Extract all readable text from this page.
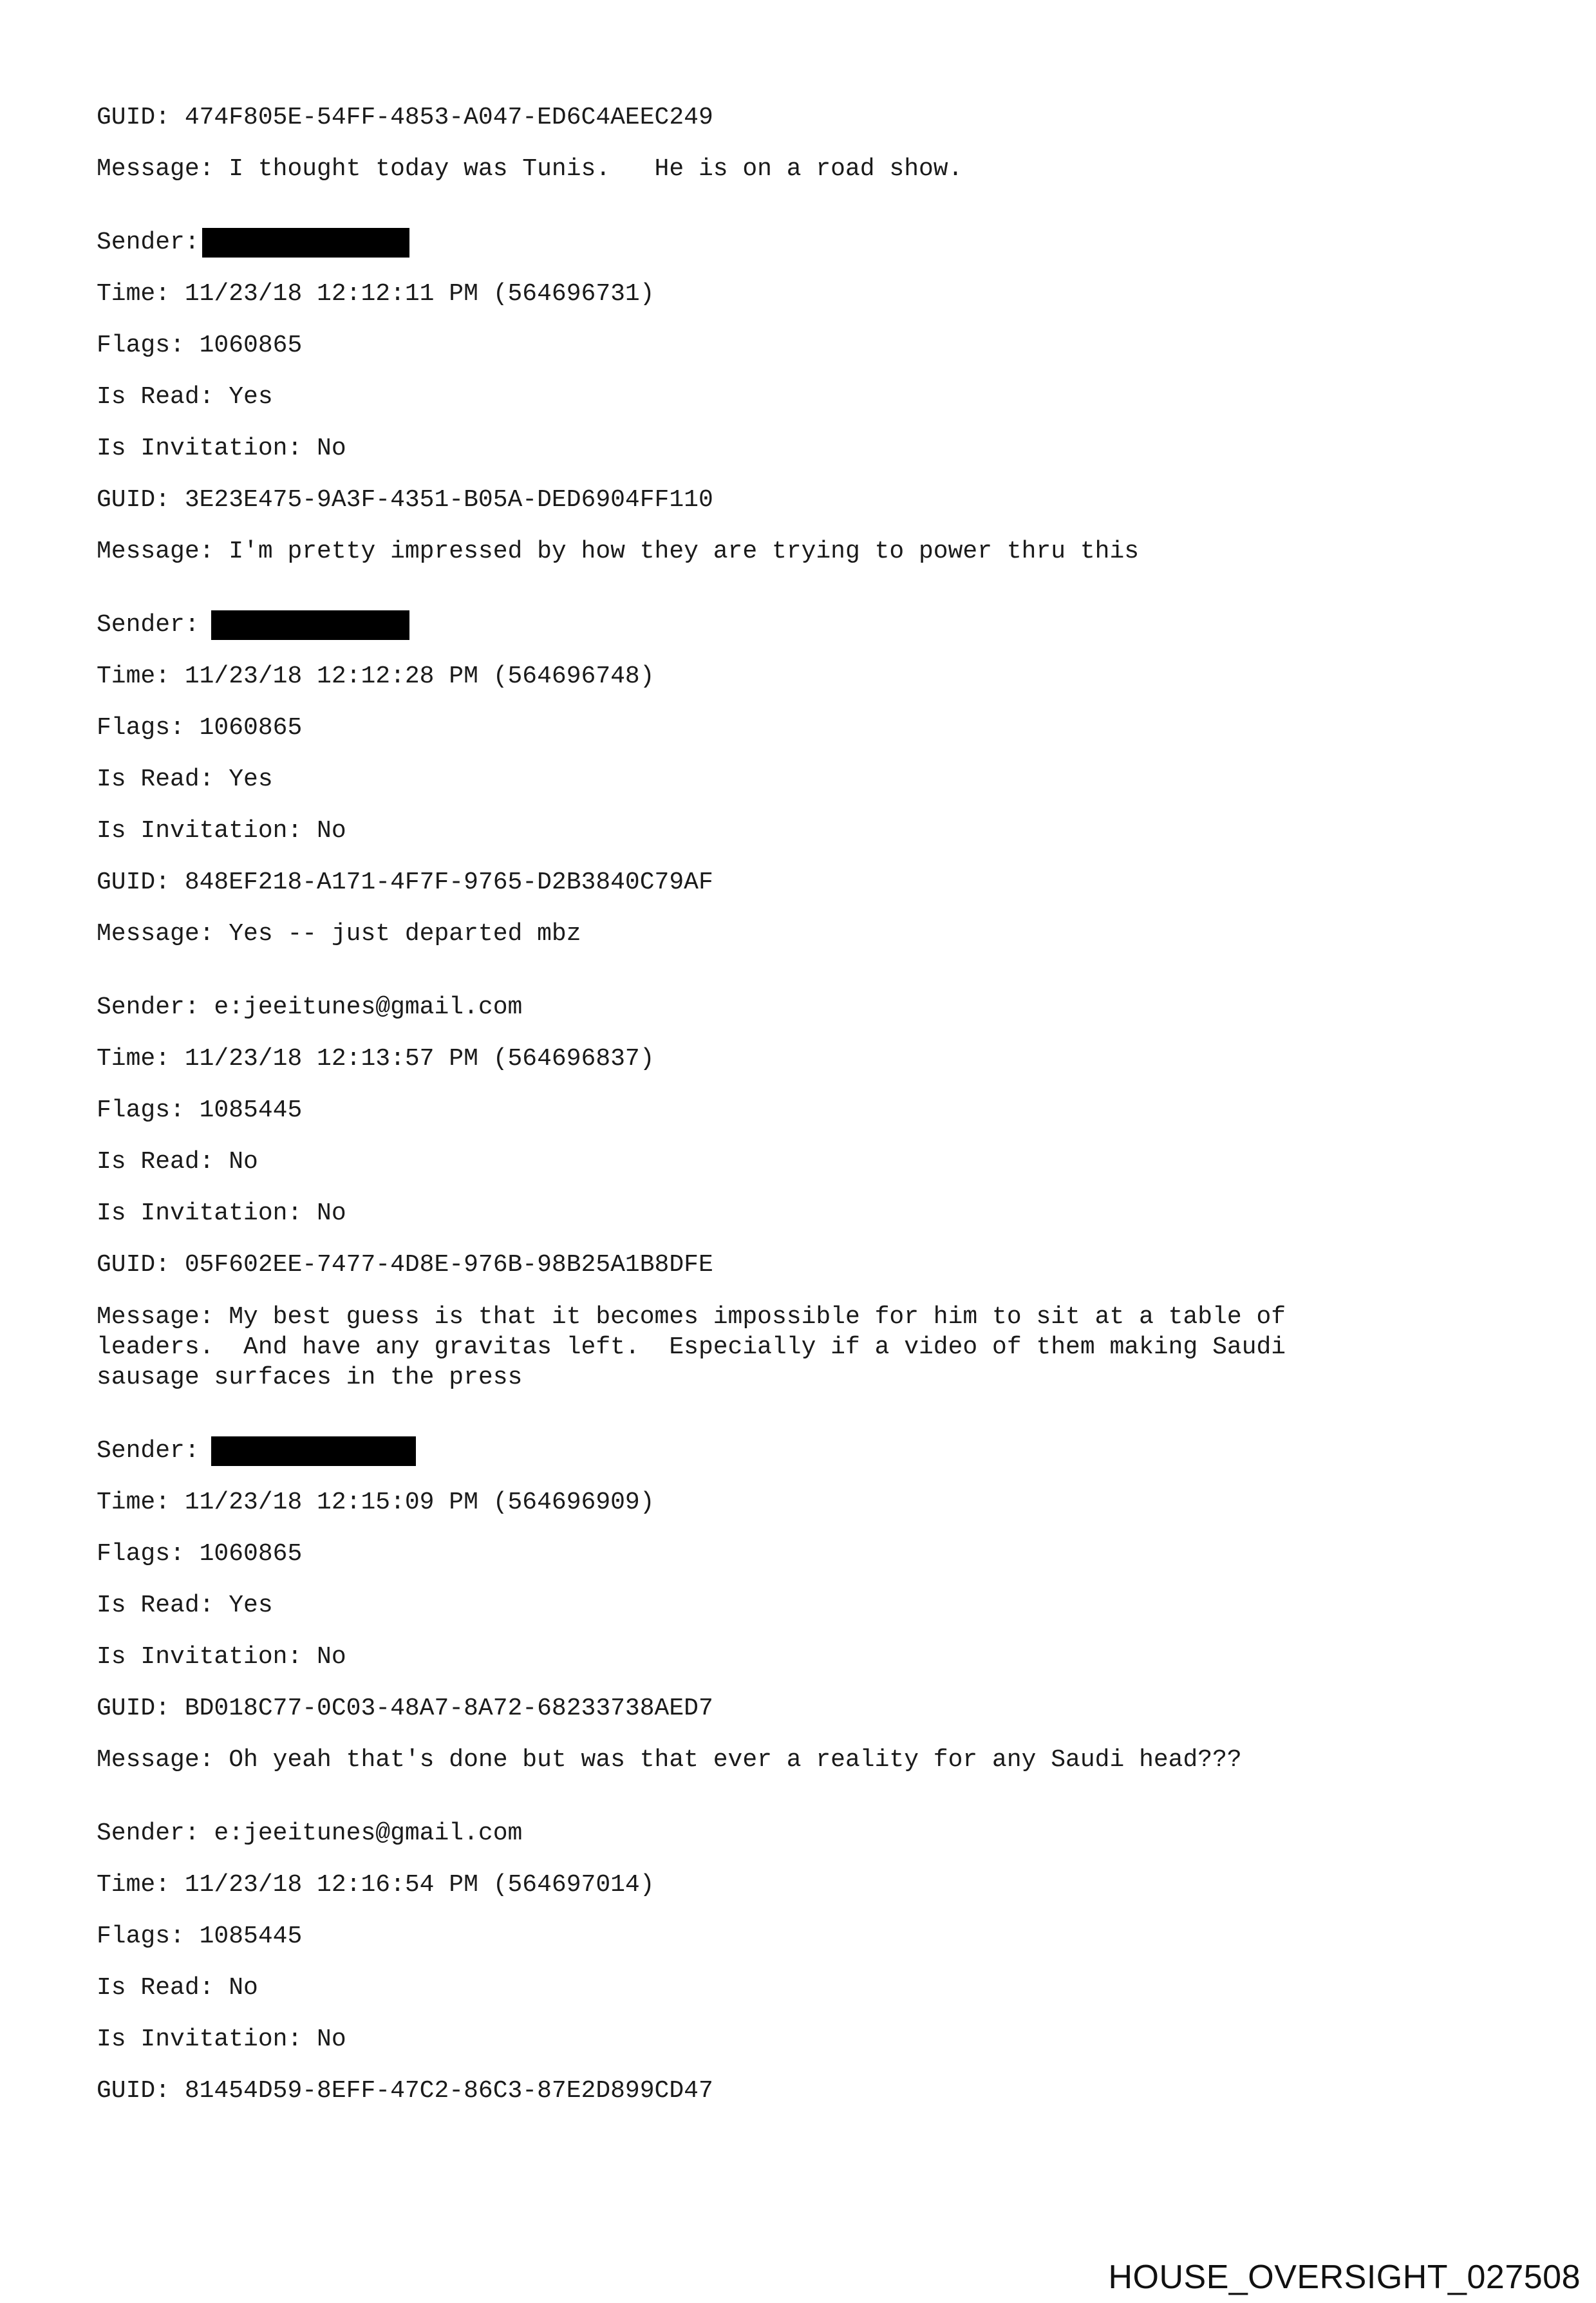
GUID: 474F805E-54FF-4853-A047-ED6C4AEEC249

Message: I thought today was Tunis.   He is on a road show.

Sender:

Time: 11/23/18 12:12:11 PM (564696731)

Flags: 1060865

Is Read: Yes

Is Invitation: No

GUID: 3E23E475-9A3F-4351-B05A-DED6904FF110

Message: I'm pretty impressed by how they are trying to power thru this

Sender:

Time: 11/23/18 12:12:28 PM (564696748)

Flags: 1060865

Is Read: Yes

Is Invitation: No

GUID: 848EF218-A171-4F7F-9765-D2B3840C79AF

Message: Yes -- just departed mbz

Sender: e:jeeitunes@gmail.com

Time: 11/23/18 12:13:57 PM (564696837)

Flags: 1085445

Is Read: No

Is Invitation: No

GUID: 05F602EE-7477-4D8E-976B-98B25A1B8DFE

Message: My best guess is that it becomes impossible for him to sit at a table of
leaders.  And have any gravitas left.  Especially if a video of them making Saudi
sausage surfaces in the press

Sender:

Time: 11/23/18 12:15:09 PM (564696909)

Flags: 1060865

Is Read: Yes

Is Invitation: No

GUID: BD018C77-0C03-48A7-8A72-68233738AED7

Message: Oh yeah that's done but was that ever a reality for any Saudi head???

Sender: e:jeeitunes@gmail.com

Time: 11/23/18 12:16:54 PM (564697014)

Flags: 1085445

Is Read: No

Is Invitation: No

GUID: 81454D59-8EFF-47C2-86C3-87E2D899CD47

HOUSE_OVERSIGHT_027508
